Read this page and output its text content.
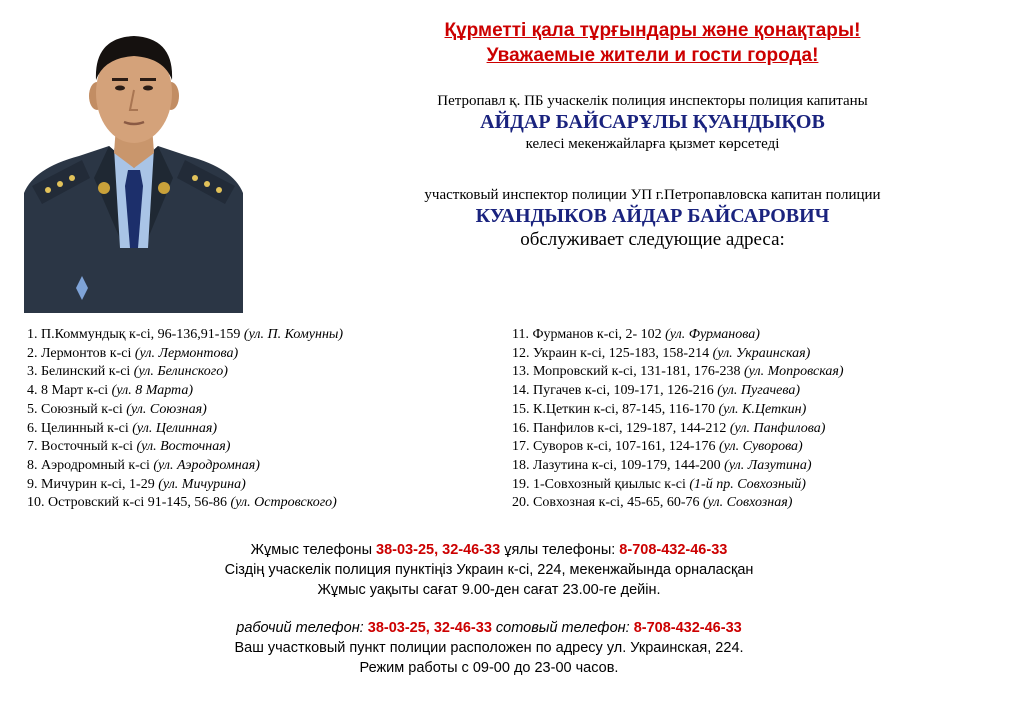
Құрметті қала тұрғындары және қонақтары!
Уважаемые жители и гости города!
Петропавл қ. ПБ учаскелік полиция инспекторы полиция капитаны
АЙДАР БАЙСАРҰЛЫ ҚУАНДЫҚОВ
келесі мекенжайларға қызмет көрсетеді
участковый инспектор полиции УП г.Петропавловска капитан полиции
КУАНДЫКОВ АЙДАР БАЙСАРОВИЧ
обслуживает следующие адреса:
1. П.Коммундық к-сі, 96-136,91-159 (ул. П. Комунны)
2. Лермонтов к-сі (ул. Лермонтова)
3. Белинский к-сі (ул. Белинского)
4. 8 Март к-сі (ул. 8 Марта)
5. Союзный к-сі (ул. Союзная)
6. Целинный к-сі (ул. Целинная)
7. Восточный к-сі (ул. Восточная)
8. Аэродромный к-сі (ул. Аэродромная)
9. Мичурин к-сі, 1-29 (ул. Мичурина)
10. Островский к-сі 91-145, 56-86 (ул. Островского)
11. Фурманов к-сі, 2- 102 (ул. Фурманова)
12. Украин к-сі, 125-183, 158-214 (ул. Украинская)
13. Мопровский к-сі, 131-181, 176-238 (ул. Мопровская)
14. Пугачев к-сі, 109-171, 126-216 (ул. Пугачева)
15. К.Цеткин к-сі, 87-145, 116-170 (ул. К.Цеткин)
16. Панфилов к-сі, 129-187, 144-212 (ул. Панфилова)
17. Суворов к-сі, 107-161, 124-176 (ул. Суворова)
18. Лазутина к-сі, 109-179, 144-200 (ул. Лазутина)
19. 1-Совхозный қиылыс к-сі (1-й пр. Совхозный)
20. Совхозная к-сі, 45-65, 60-76 (ул. Совхозная)
Жұмыс телефоны 38-03-25, 32-46-33 ұялы телефоны: 8-708-432-46-33
Сіздің учаскелік полиция пунктіңіз Украин к-сі, 224, мекенжайында орналасқан
Жұмыс уақыты сағат 9.00-ден сағат 23.00-ге дейін.
рабочий телефон: 38-03-25, 32-46-33 сотовый телефон: 8-708-432-46-33
Ваш участковый пункт полиции расположен по адресу ул. Украинская, 224.
Режим работы с 09-00 до 23-00 часов.
